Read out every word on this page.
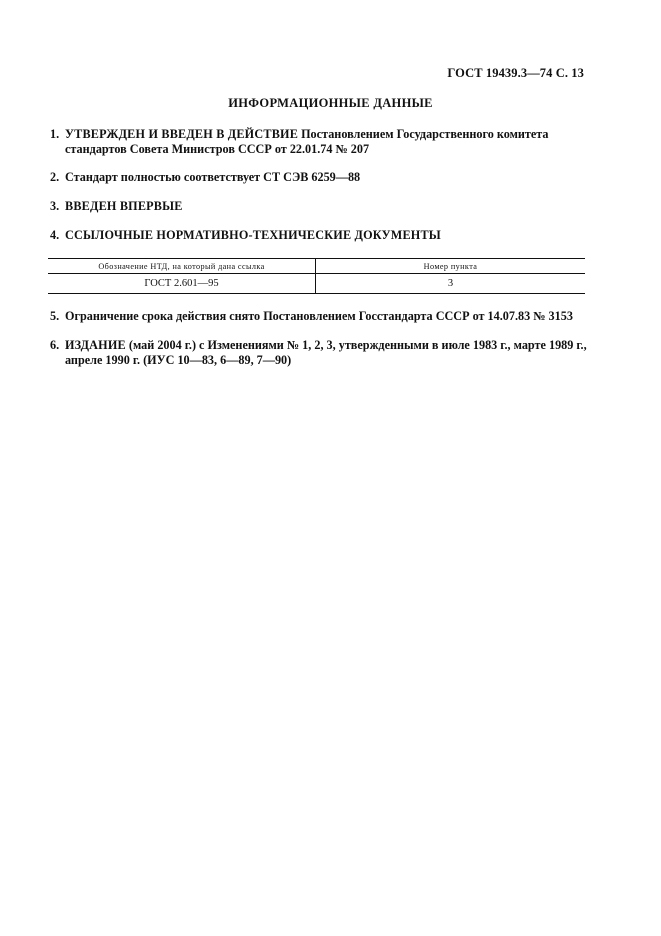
ГОСТ 19439.3—74 С. 13
ИНФОРМАЦИОННЫЕ ДАННЫЕ
1. УТВЕРЖДЕН И ВВЕДЕН В ДЕЙСТВИЕ Постановлением Государственного комитета стандартов Совета Министров СССР от 22.01.74 № 207
2. Стандарт полностью соответствует СТ СЭВ 6259—88
3. ВВЕДЕН ВПЕРВЫЕ
4. ССЫЛОЧНЫЕ НОРМАТИВНО-ТЕХНИЧЕСКИЕ ДОКУМЕНТЫ
Обозначение НТД, на который дана ссылка	Номер пункта
ГОСТ 2.601—95	3
5. Ограничение срока действия снято Постановлением Госстандарта СССР от 14.07.83 № 3153
6. ИЗДАНИЕ (май 2004 г.) с Изменениями № 1, 2, 3, утвержденными в июле 1983 г., марте 1989 г., апреле 1990 г. (ИУС 10—83, 6—89, 7—90)
